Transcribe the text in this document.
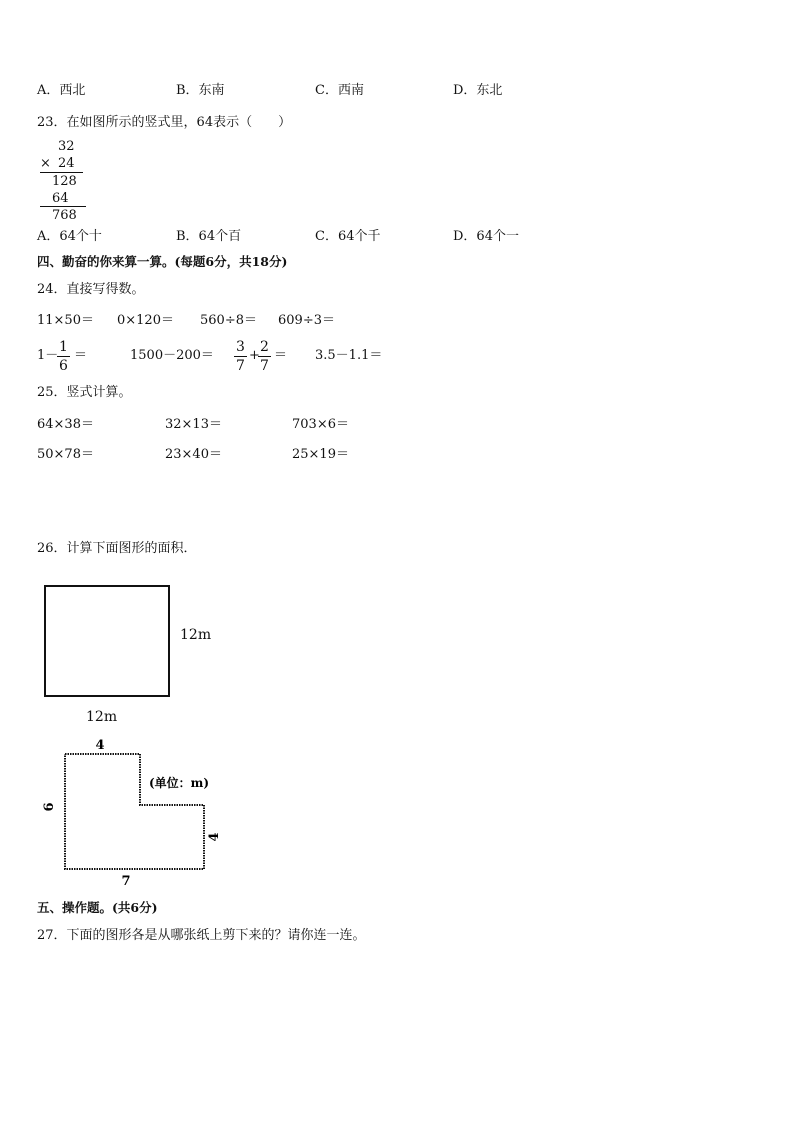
A．西北	B．东南	C．西南	D．东北
23．在如图所示的竖式里，64表示（　　）
32
× 24
128
64
768
A．64个十	B．64个百	C．64个千	D．64个一
四、勤奋的你来算一算。(每题6分，共18分)
24．直接写得数。
11×50＝ 0×120＝ 560÷8＝ 609÷3＝
1－
1
6
＝	1500－200＝
3
7
+
2
7
＝ 3.5－1.1＝
25．竖式计算。
64×38＝	32×13＝	703×6＝
50×78＝	23×40＝	25×19＝
26．计算下面图形的面积．
12m
12m
4
6
4
7
(单位：m)
五、操作题。(共6分)
27．下面的图形各是从哪张纸上剪下来的？请你连一连。
